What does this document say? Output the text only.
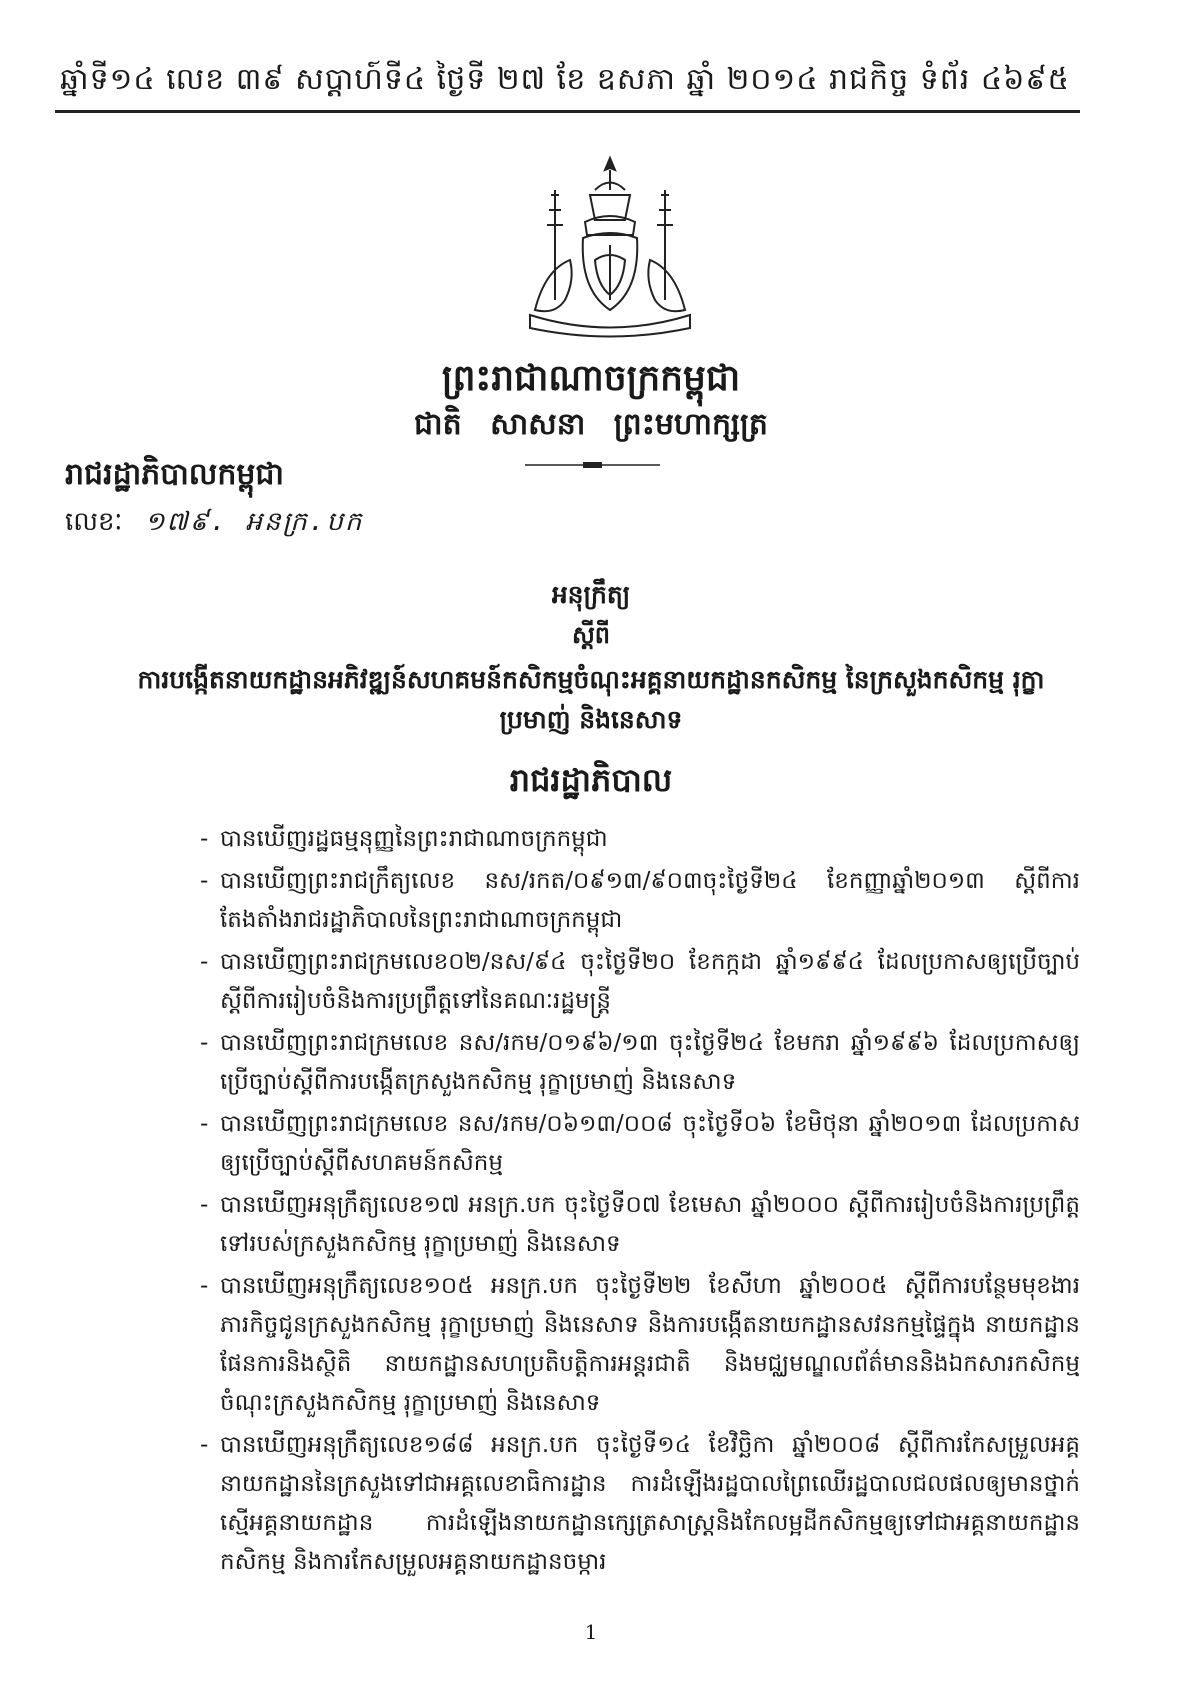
ឆ្នាំទី១៤ លេខ ៣៩ សប្តាហ៍ទី៤ ថ្ងៃទី ២៧ ខែ ឧសភា ឆ្នាំ ២០១៤ រាជកិច្ច ទំព័រ ៤៦៩៥
ព្រះរាជាណាចក្រកម្ពុជា
ជាតិ សាសនា ព្រះមហាក្សត្រ
រាជរដ្ឋាភិបាលកម្ពុជា
លេខៈ ១៧៩. អនក្រ.បក
អនុក្រឹត្យ
ស្តីពី
ការបង្កើតនាយកដ្ឋានអភិវឌ្ឍន៍សហគមន៍កសិកម្មចំណុះអគ្គនាយកដ្ឋានកសិកម្ម នៃក្រសួងកសិកម្ម រុក្ខាប្រមាញ់ និងនេសាទ
រាជរដ្ឋាភិបាល
- បានឃើញរដ្ឋធម្មនុញ្ញនៃព្រះរាជាណាចក្រកម្ពុជា
- បានឃើញព្រះរាជក្រឹត្យលេខ នស/រកត/០៩១៣/៩០៣ចុះថ្ងៃទី២៤ ខែកញ្ញាឆ្នាំ២០១៣ ស្តីពីការតែងតាំងរាជរដ្ឋាភិបាលនៃព្រះរាជាណាចក្រកម្ពុជា
- បានឃើញព្រះរាជក្រមលេខ០២/នស/៩៤ ចុះថ្ងៃទី២០ ខែកក្កដា ឆ្នាំ១៩៩៤ ដែលប្រកាសឲ្យប្រើច្បាប់ស្តីពីការរៀបចំនិងការប្រព្រឹត្តទៅនៃគណៈរដ្ឋមន្ត្រី
- បានឃើញព្រះរាជក្រមលេខ នស/រកម/០១៩៦/១៣ ចុះថ្ងៃទី២៤ ខែមករា ឆ្នាំ១៩៩៦ ដែលប្រកាសឲ្យប្រើច្បាប់ស្តីពីការបង្កើតក្រសួងកសិកម្ម រុក្ខាប្រមាញ់ និងនេសាទ
- បានឃើញព្រះរាជក្រមលេខ នស/រកម/០៦១៣/០០៨ ចុះថ្ងៃទី០៦ ខែមិថុនា ឆ្នាំ២០១៣ ដែលប្រកាសឲ្យប្រើច្បាប់ស្តីពីសហគមន៍កសិកម្ម
- បានឃើញអនុក្រឹត្យលេខ១៧ អនក្រ.បក ចុះថ្ងៃទី០៧ ខែមេសា ឆ្នាំ២០០០ ស្តីពីការរៀបចំនិងការប្រព្រឹត្តទៅរបស់ក្រសួងកសិកម្ម រុក្ខាប្រមាញ់ និងនេសាទ
- បានឃើញអនុក្រឹត្យលេខ១០៥ អនក្រ.បក ចុះថ្ងៃទី២២ ខែសីហា ឆ្នាំ២០០៥ ស្តីពីការបន្ថែមមុខងារភារកិច្ចជូនក្រសួងកសិកម្ម រុក្ខាប្រមាញ់ និងនេសាទ និងការបង្កើតនាយកដ្ឋានសវនកម្មផ្ទៃក្នុង នាយកដ្ឋានផែនការនិងស្ថិតិ នាយកដ្ឋានសហប្រតិបត្តិការអន្តរជាតិ និងមជ្ឈមណ្ឌលព័ត៌មាននិងឯកសារកសិកម្ម ចំណុះក្រសួងកសិកម្ម រុក្ខាប្រមាញ់ និងនេសាទ
- បានឃើញអនុក្រឹត្យលេខ១៨៨ អនក្រ.បក ចុះថ្ងៃទី១៤ ខែវិច្ឆិកា ឆ្នាំ២០០៨ ស្តីពីការកែសម្រួលអគ្គនាយកដ្ឋាននៃក្រសួងទៅជាអគ្គលេខាធិការដ្ឋាន ការដំឡើងរដ្ឋបាលព្រៃឈើរដ្ឋបាលជលផលឲ្យមានថ្នាក់ស្មើអគ្គនាយកដ្ឋាន ការដំឡើងនាយកដ្ឋានក្សេត្រសាស្ត្រនិងកែលម្អដីកសិកម្មឲ្យទៅជាអគ្គនាយកដ្ឋានកសិកម្ម និងការកែសម្រួលអគ្គនាយកដ្ឋានចម្ការ
1
